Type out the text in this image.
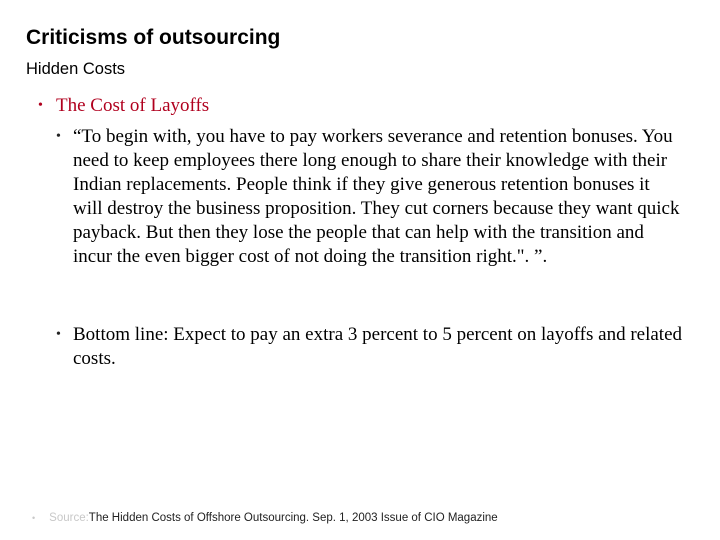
Criticisms of outsourcing
Hidden Costs
• The Cost of Layoffs
• “To begin with, you have to pay workers severance and retention bonuses. You need to keep employees there long enough to share their knowledge with their Indian replacements. People think if they give generous retention bonuses it will destroy the business proposition. They cut corners because they want quick payback. But then they lose the people that can help with the transition and incur the even bigger cost of not doing the transition right.". ”.
• Bottom line: Expect to pay an extra 3 percent to 5 percent on layoffs and related costs.
• Source:The Hidden Costs of Offshore Outsourcing. Sep. 1, 2003 Issue of CIO Magazine
